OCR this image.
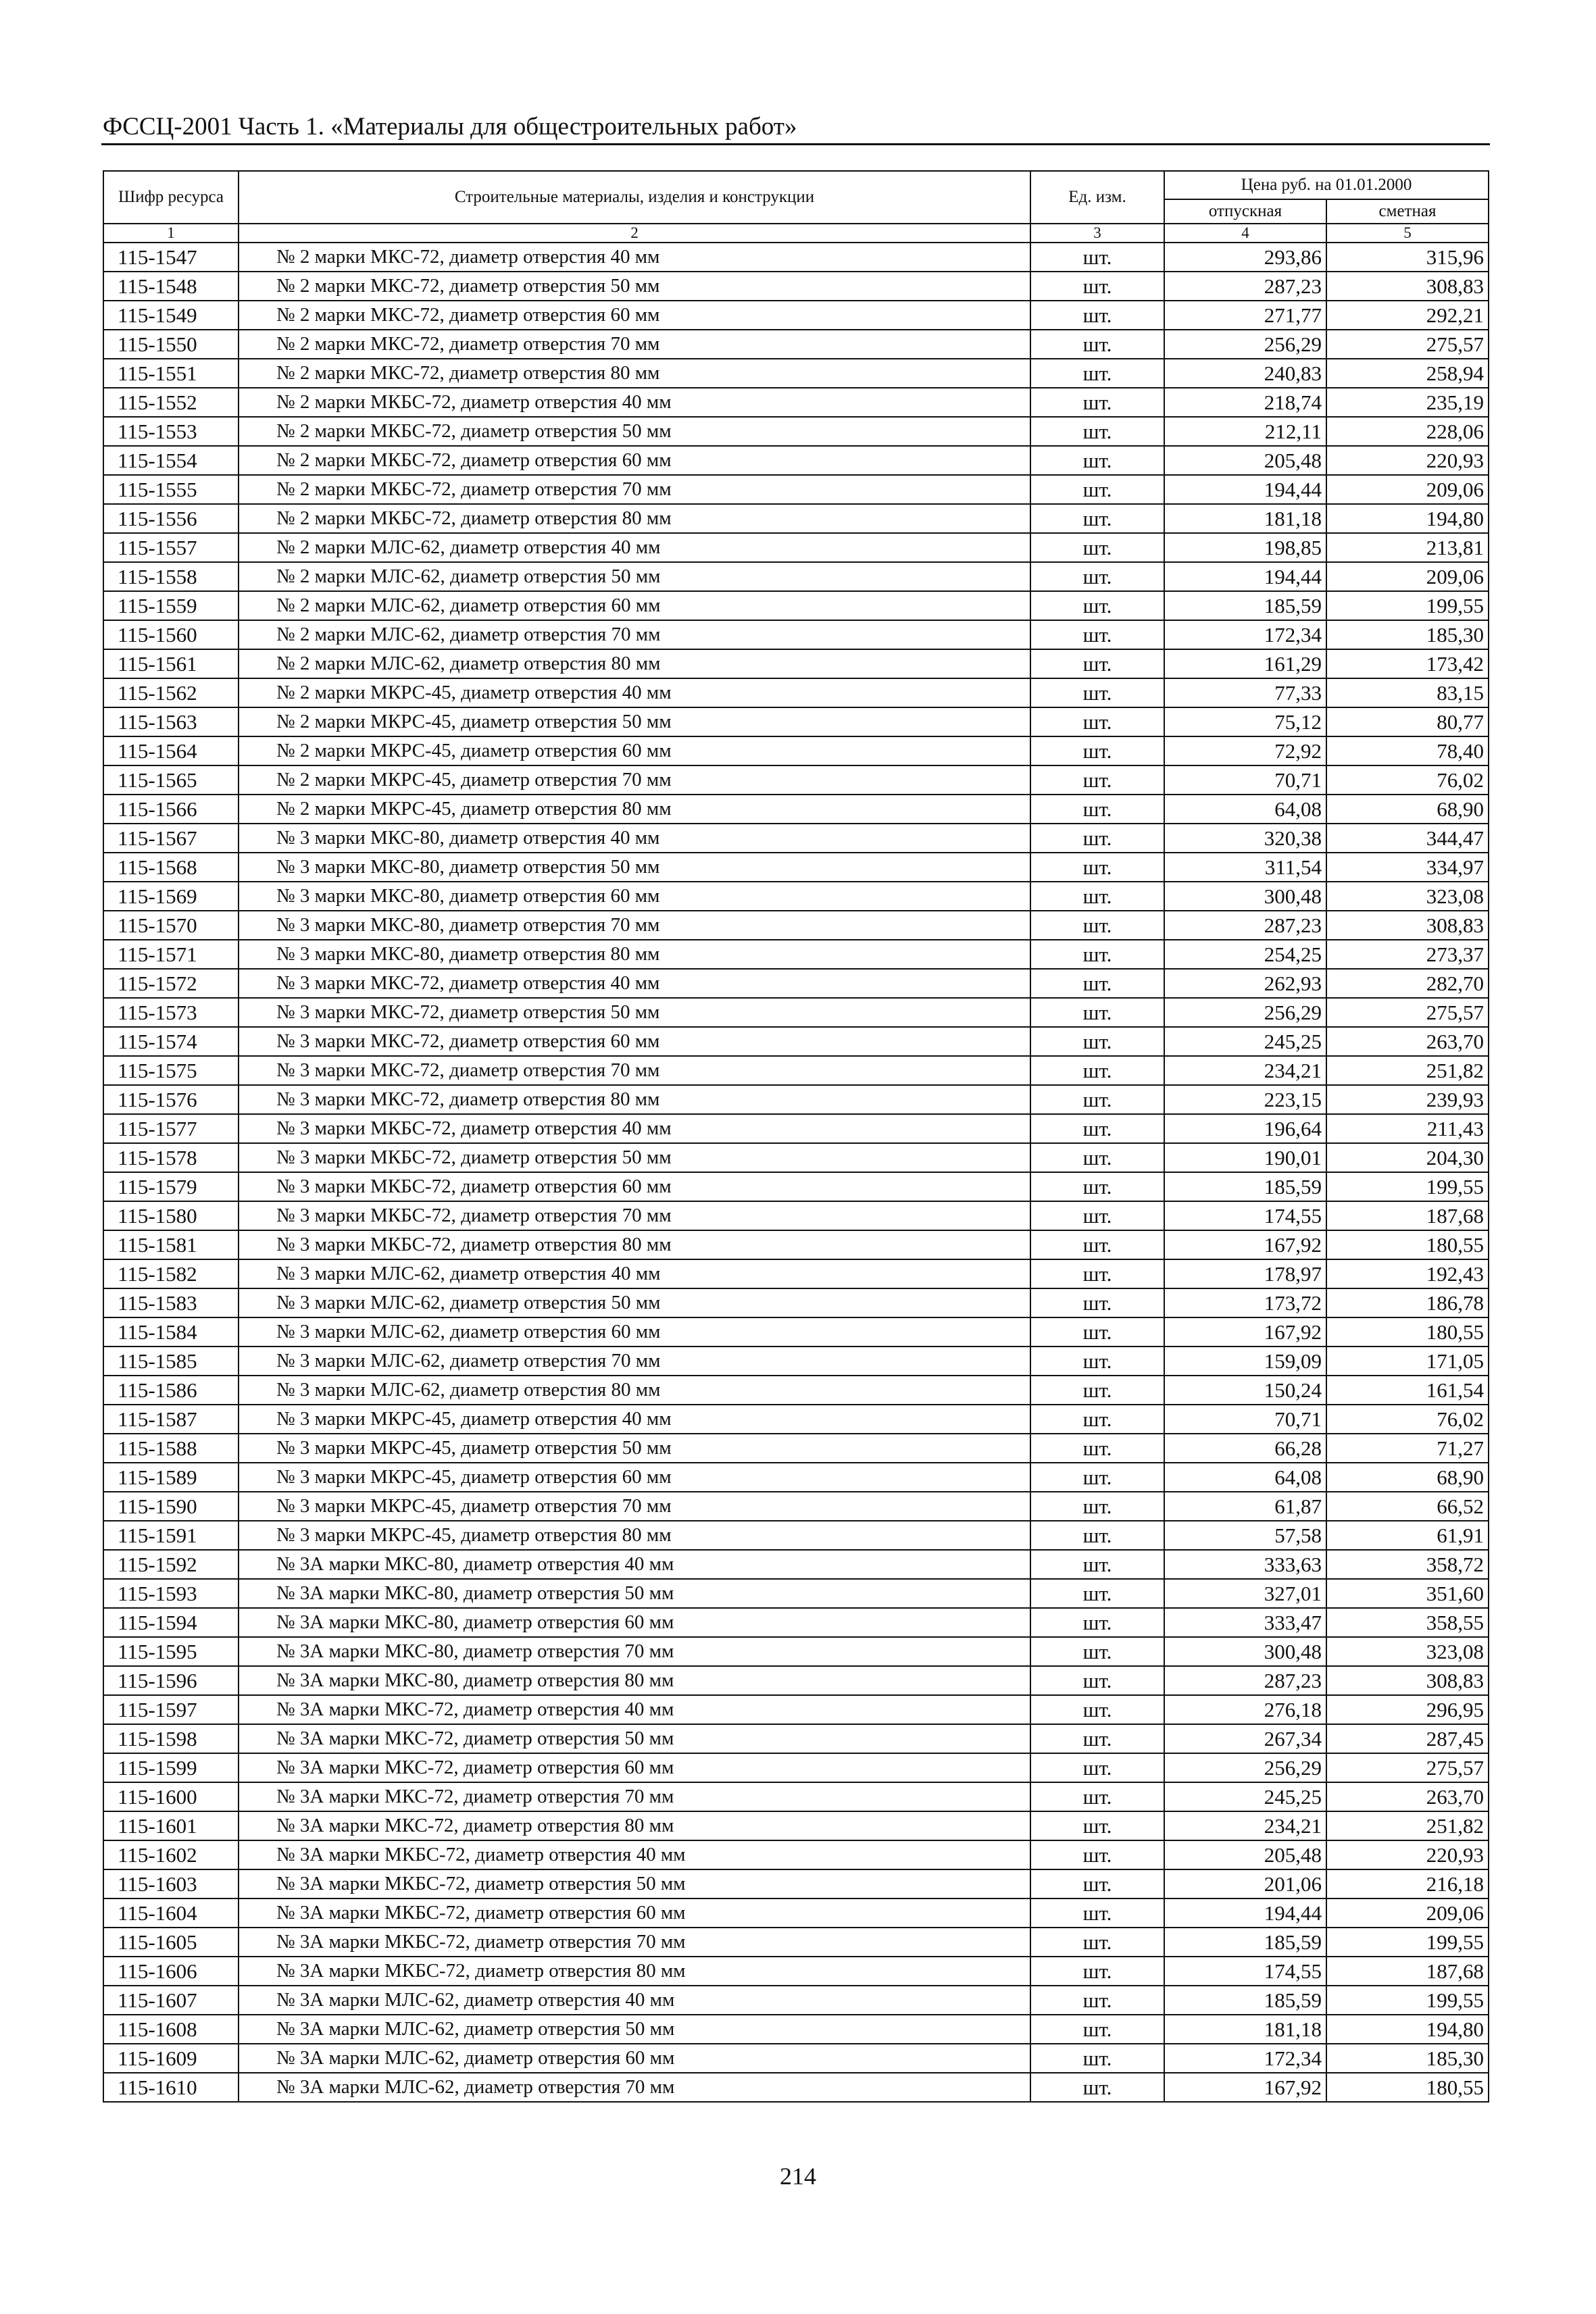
ФССЦ-2001 Часть 1. «Материалы для общестроительных работ»
Шифр ресурса	Строительные материалы, изделия и конструкции	Ед. изм.	Цена руб. на 01.01.2000	
			отпускная	сметная
1	2	3	4	5
115-1547	№ 2 марки МКС-72, диаметр отверстия 40 мм	шт.	293,86	315,96
115-1548	№ 2 марки МКС-72, диаметр отверстия 50 мм	шт.	287,23	308,83
115-1549	№ 2 марки МКС-72, диаметр отверстия 60 мм	шт.	271,77	292,21
115-1550	№ 2 марки МКС-72, диаметр отверстия 70 мм	шт.	256,29	275,57
115-1551	№ 2 марки МКС-72, диаметр отверстия 80 мм	шт.	240,83	258,94
115-1552	№ 2 марки МКБС-72, диаметр отверстия 40 мм	шт.	218,74	235,19
115-1553	№ 2 марки МКБС-72, диаметр отверстия 50 мм	шт.	212,11	228,06
115-1554	№ 2 марки МКБС-72, диаметр отверстия 60 мм	шт.	205,48	220,93
115-1555	№ 2 марки МКБС-72, диаметр отверстия 70 мм	шт.	194,44	209,06
115-1556	№ 2 марки МКБС-72, диаметр отверстия 80 мм	шт.	181,18	194,80
115-1557	№ 2 марки МЛС-62, диаметр отверстия 40 мм	шт.	198,85	213,81
115-1558	№ 2 марки МЛС-62, диаметр отверстия 50 мм	шт.	194,44	209,06
115-1559	№ 2 марки МЛС-62, диаметр отверстия 60 мм	шт.	185,59	199,55
115-1560	№ 2 марки МЛС-62, диаметр отверстия 70 мм	шт.	172,34	185,30
115-1561	№ 2 марки МЛС-62, диаметр отверстия 80 мм	шт.	161,29	173,42
115-1562	№ 2 марки МКРС-45, диаметр отверстия 40 мм	шт.	77,33	83,15
115-1563	№ 2 марки МКРС-45, диаметр отверстия 50 мм	шт.	75,12	80,77
115-1564	№ 2 марки МКРС-45, диаметр отверстия 60 мм	шт.	72,92	78,40
115-1565	№ 2 марки МКРС-45, диаметр отверстия 70 мм	шт.	70,71	76,02
115-1566	№ 2 марки МКРС-45, диаметр отверстия 80 мм	шт.	64,08	68,90
115-1567	№ 3 марки МКС-80, диаметр отверстия 40 мм	шт.	320,38	344,47
115-1568	№ 3 марки МКС-80, диаметр отверстия 50 мм	шт.	311,54	334,97
115-1569	№ 3 марки МКС-80, диаметр отверстия 60 мм	шт.	300,48	323,08
115-1570	№ 3 марки МКС-80, диаметр отверстия 70 мм	шт.	287,23	308,83
115-1571	№ 3 марки МКС-80, диаметр отверстия 80 мм	шт.	254,25	273,37
115-1572	№ 3 марки МКС-72, диаметр отверстия 40 мм	шт.	262,93	282,70
115-1573	№ 3 марки МКС-72, диаметр отверстия 50 мм	шт.	256,29	275,57
115-1574	№ 3 марки МКС-72, диаметр отверстия 60 мм	шт.	245,25	263,70
115-1575	№ 3 марки МКС-72, диаметр отверстия 70 мм	шт.	234,21	251,82
115-1576	№ 3 марки МКС-72, диаметр отверстия 80 мм	шт.	223,15	239,93
115-1577	№ 3 марки МКБС-72, диаметр отверстия 40 мм	шт.	196,64	211,43
115-1578	№ 3 марки МКБС-72, диаметр отверстия 50 мм	шт.	190,01	204,30
115-1579	№ 3 марки МКБС-72, диаметр отверстия 60 мм	шт.	185,59	199,55
115-1580	№ 3 марки МКБС-72, диаметр отверстия 70 мм	шт.	174,55	187,68
115-1581	№ 3 марки МКБС-72, диаметр отверстия 80 мм	шт.	167,92	180,55
115-1582	№ 3 марки МЛС-62, диаметр отверстия 40 мм	шт.	178,97	192,43
115-1583	№ 3 марки МЛС-62, диаметр отверстия 50 мм	шт.	173,72	186,78
115-1584	№ 3 марки МЛС-62, диаметр отверстия 60 мм	шт.	167,92	180,55
115-1585	№ 3 марки МЛС-62, диаметр отверстия 70 мм	шт.	159,09	171,05
115-1586	№ 3 марки МЛС-62, диаметр отверстия 80 мм	шт.	150,24	161,54
115-1587	№ 3 марки МКРС-45, диаметр отверстия 40 мм	шт.	70,71	76,02
115-1588	№ 3 марки МКРС-45, диаметр отверстия 50 мм	шт.	66,28	71,27
115-1589	№ 3 марки МКРС-45, диаметр отверстия 60 мм	шт.	64,08	68,90
115-1590	№ 3 марки МКРС-45, диаметр отверстия 70 мм	шт.	61,87	66,52
115-1591	№ 3 марки МКРС-45, диаметр отверстия 80 мм	шт.	57,58	61,91
115-1592	№ 3А марки МКС-80, диаметр отверстия 40 мм	шт.	333,63	358,72
115-1593	№ 3А марки МКС-80, диаметр отверстия 50 мм	шт.	327,01	351,60
115-1594	№ 3А марки МКС-80, диаметр отверстия 60 мм	шт.	333,47	358,55
115-1595	№ 3А марки МКС-80, диаметр отверстия 70 мм	шт.	300,48	323,08
115-1596	№ 3А марки МКС-80, диаметр отверстия 80 мм	шт.	287,23	308,83
115-1597	№ 3А марки МКС-72, диаметр отверстия 40 мм	шт.	276,18	296,95
115-1598	№ 3А марки МКС-72, диаметр отверстия 50 мм	шт.	267,34	287,45
115-1599	№ 3А марки МКС-72, диаметр отверстия 60 мм	шт.	256,29	275,57
115-1600	№ 3А марки МКС-72, диаметр отверстия 70 мм	шт.	245,25	263,70
115-1601	№ 3А марки МКС-72, диаметр отверстия 80 мм	шт.	234,21	251,82
115-1602	№ 3А марки МКБС-72, диаметр отверстия 40 мм	шт.	205,48	220,93
115-1603	№ 3А марки МКБС-72, диаметр отверстия 50 мм	шт.	201,06	216,18
115-1604	№ 3А марки МКБС-72, диаметр отверстия 60 мм	шт.	194,44	209,06
115-1605	№ 3А марки МКБС-72, диаметр отверстия 70 мм	шт.	185,59	199,55
115-1606	№ 3А марки МКБС-72, диаметр отверстия 80 мм	шт.	174,55	187,68
115-1607	№ 3А марки МЛС-62, диаметр отверстия 40 мм	шт.	185,59	199,55
115-1608	№ 3А марки МЛС-62, диаметр отверстия 50 мм	шт.	181,18	194,80
115-1609	№ 3А марки МЛС-62, диаметр отверстия 60 мм	шт.	172,34	185,30
115-1610	№ 3А марки МЛС-62, диаметр отверстия 70 мм	шт.	167,92	180,55
214
